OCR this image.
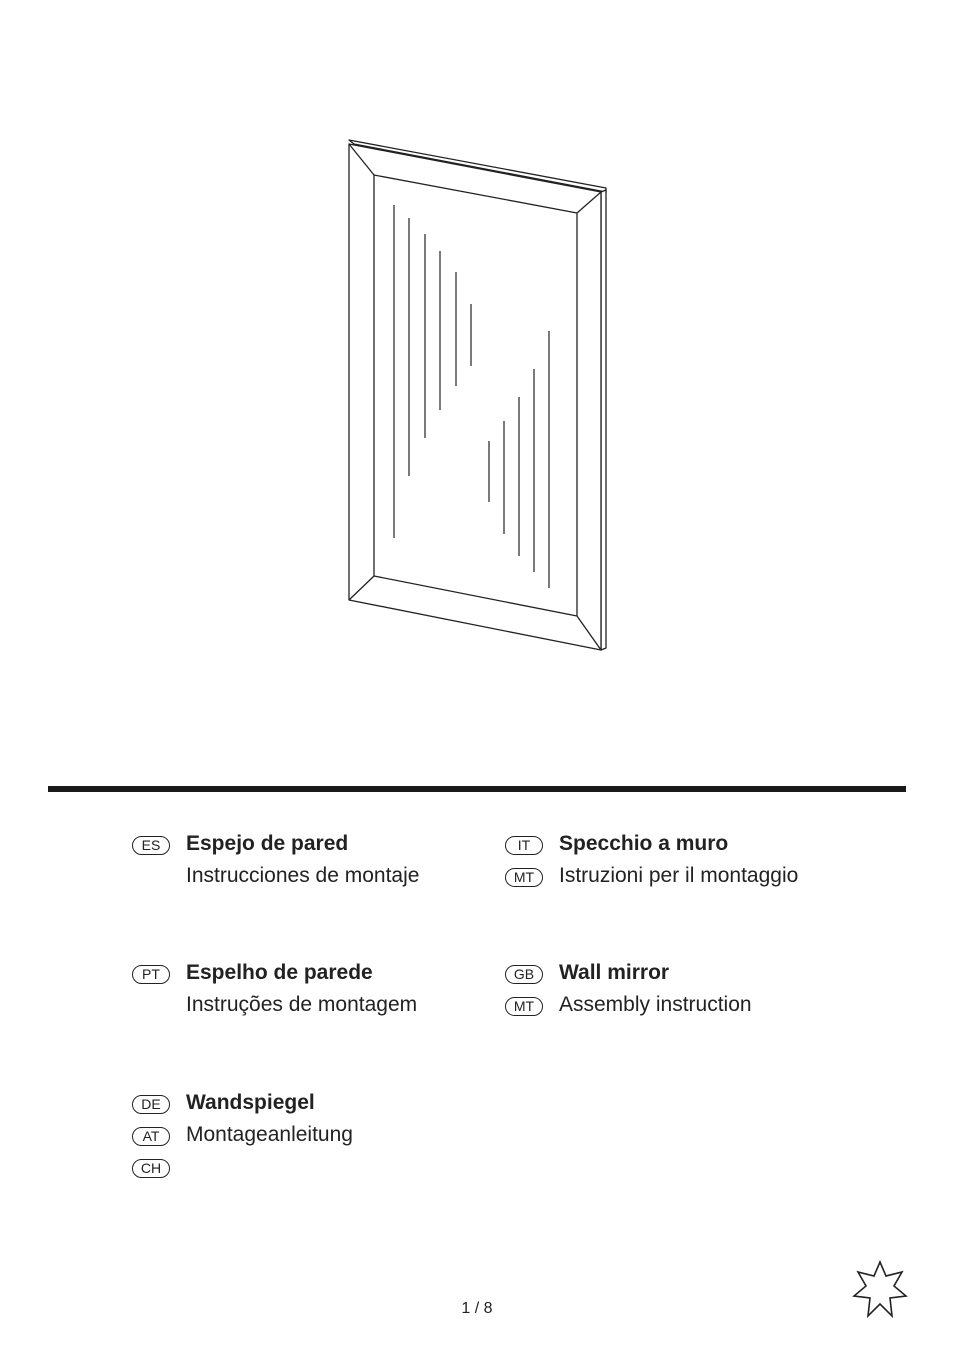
ES	Espejo de pared
Instrucciones de montaje
IT	Specchio a muro
MT	Istruzioni per il montaggio
PT	Espelho de parede
Instruções de montagem
GB	Wall mirror
MT	Assembly instruction
DE	Wandspiegel
AT	Montageanleitung
CH
1 / 8
